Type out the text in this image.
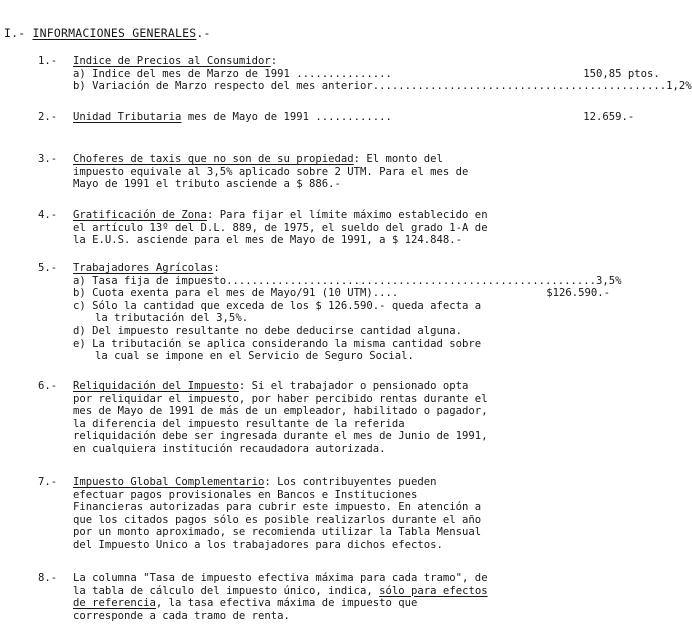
I.- INFORMACIONES GENERALES.-
1.- Indice de Precios al Consumidor:
a) Indice del mes de Marzo de 1991 ............... 150,85 ptos.
b) Variación de Marzo respecto del mes anterior .............................................. 1,2%
2.- Unidad Tributaria mes de Mayo de 1991 ............ 12.659.-
3.- Choferes de taxis que no son de su propiedad: El monto del
impuesto equivale al 3,5% aplicado sobre 2 UTM. Para el mes de
Mayo de 1991 el tributo asciende a $ 886.-
4.- Gratificación de Zona: Para fijar el límite máximo establecido en
el artículo 13º del D.L. 889, de 1975, el sueldo del grado 1-A de
la E.U.S. asciende para el mes de Mayo de 1991, a $ 124.848.-
5.- Trabajadores Agrícolas:
a) Tasa fija de impuesto .......................................................... 3,5%
b) Cuota exenta para el mes de Mayo/91 (10 UTM)....
	$126.590.-
c) Sólo la cantidad que exceda de los $ 126.590.- queda afecta a
la tributación del 3,5%.
d) Del impuesto resultante no debe deducirse cantidad alguna.
e) La tributación se aplica considerando la misma cantidad sobre
la cual se impone en el Servicio de Seguro Social.
6.- Reliquidación del Impuesto: Si el trabajador o pensionado opta
por reliquidar el impuesto, por haber percibido rentas durante el
mes de Mayo de 1991 de más de un empleador, habilitado o pagador,
la diferencia del impuesto resultante de la referida
reliquidación debe ser ingresada durante el mes de Junio de 1991,
en cualquiera institución recaudadora autorizada.
7.- Impuesto Global Complementario: Los contribuyentes pueden
efectuar pagos provisionales en Bancos e Instituciones
Financieras autorizadas para cubrir este impuesto. En atención a
que los citados pagos sólo es posible realizarlos durante el año
por un monto aproximado, se recomienda utilizar la Tabla Mensual
del Impuesto Unico a los trabajadores para dichos efectos.
8.- La columna "Tasa de impuesto efectiva máxima para cada tramo", de
la tabla de cálculo del impuesto único, indica, sólo para efectos
de referencia, la tasa efectiva máxima de impuesto que
corresponde a cada tramo de renta.
